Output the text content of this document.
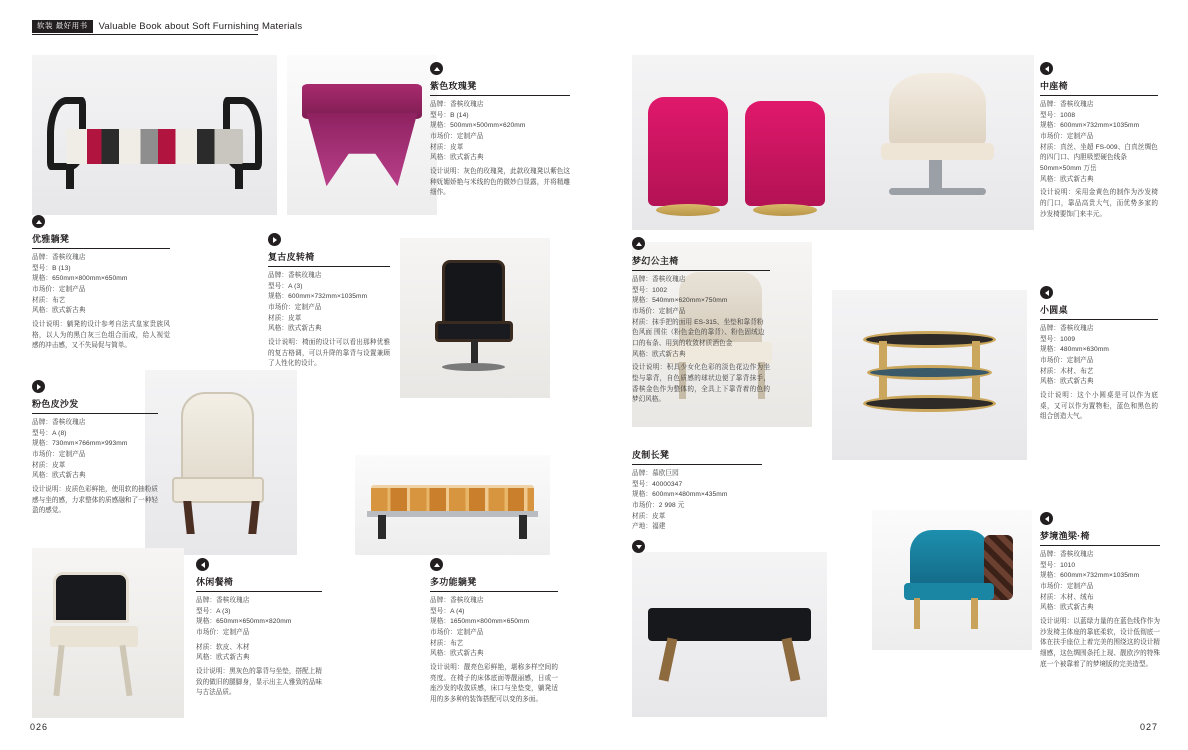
软装 最好用书	Valuable Book about Soft Furnishing Materials
优雅躺凳
品牌：香槟玫瑰店
型号：B (13)
规格：650mm×800mm×650mm
市场价：定制产品
材质：布艺
风格：欧式新古典
设计说明：躺凳的设计参考自法式皇家贵族风格，以人为的黑白灰三色组合而成，给人视觉感的冲击感，又不失局促与简单。
紫色玫瑰凳
品牌：香槟玫瑰店
型号：B (14)
规格：500mm×500mm×620mm
市场价：定制产品
材质：皮革
风格：欧式新古典
设计说明：灰色的玫瑰凳，此款玫瑰凳以紫色这种妩媚娇艳与米线的色的微妙白显露，并将精雕细作。
复古皮转椅
品牌：香槟玫瑰店
型号：A (3)
规格：600mm×732mm×1035mm
市场价：定制产品
材质：皮革
风格：欧式新古典
设计说明：椅面的设计可以看出那种优雅的复古格调，可以升降的靠背与设置兼顾了人性化的设计。
粉色皮沙发
品牌：香槟玫瑰店
型号：A (8)
规格：730mm×766mm×993mm
市场价：定制产品
材质：皮革
风格：欧式新古典
设计说明：皮质色彩鲜艳，使用软的抽粉质感与坐的感，力求整体的质感融和了一种轻盈的感觉。
休闲餐椅
品牌：香槟玫瑰店
型号：A (3)
规格：650mm×650mm×820mm
市场价：定制产品
材质：软皮、木材
风格：欧式新古典
设计说明：黑灰色的靠背与坐垫，搭配上精致的做旧的腿脚身，显示出主人雅致的品味与古法品质。
多功能躺凳
品牌：香槟玫瑰店
型号：A (4)
规格：1650mm×800mm×650mm
市场价：定制产品
材质：布艺
风格：欧式新古典
设计说明：靓亮色彩鲜艳，堪称多样空间的亮度。在椅子的床体底面等靓丽感，日或一座沙发的收敛质感，床口与坐垫变，躺凳适用的多多种的装饰搭配可以变的多面。
中座椅
品牌：香槟玫瑰店
型号：1008
规格：600mm×732mm×1035mm
市场价：定制产品
材质：真丝、坐超 FS-009、白真丝绸色的四门口、内胆吸塑硬色线条 50mm×50mm 万岳
风格：欧式新古典
设计说明：采用金黄色的制作为沙发椅的门口，靠品高贵大气，而优势多家的沙发椅要饰门来丰元。
梦幻公主椅
品牌：香槟玫瑰店
型号：1002
规格：540mm×620mm×750mm
市场价：定制产品
材质：抹手把的面用 ES-315、坐垫和靠背粉色风面 围住（粉色金色的靠背）、粉色固绒边口的布条、用到的收敛材质酒色金
风格：欧式新古典
设计说明：积具少女化色彩的淡色花边作为坐垫与靠背，自色质感的球状边便了靠背抹手，香槟金色作为整体的，全具上下靠背着的色的梦幻风格。
皮制长凳
品牌：慕欧巨园
型号：40000347
规格：600mm×480mm×435mm
市场价：2 998 元
材质：皮革
产地：福建
小圆桌
品牌：香槟玫瑰店
型号：1009
规格：480mm×630mm
市场价：定制产品
材质：木材、布艺
风格：欧式新古典
设计说明：这个小圆桌是可以作为底桌，又可以作为置物柜，蓝色和黑色的组合创造大气。
梦境渔梁·椅
品牌：香槟玫瑰店
型号：1010
规格：600mm×732mm×1035mm
市场价：定制产品
材质：木材、绒布
风格：欧式新古典
设计说明：以蓝绿力量的在蓝色线作作为沙发椅主体座的靠底柔软，设计低彻底一体在扶手座位上着完美的围绕这的设计精细感，这色绸围条托上现、靓欧汐的特殊底一个被靠着了的梦境版的完美造型。
026	027
